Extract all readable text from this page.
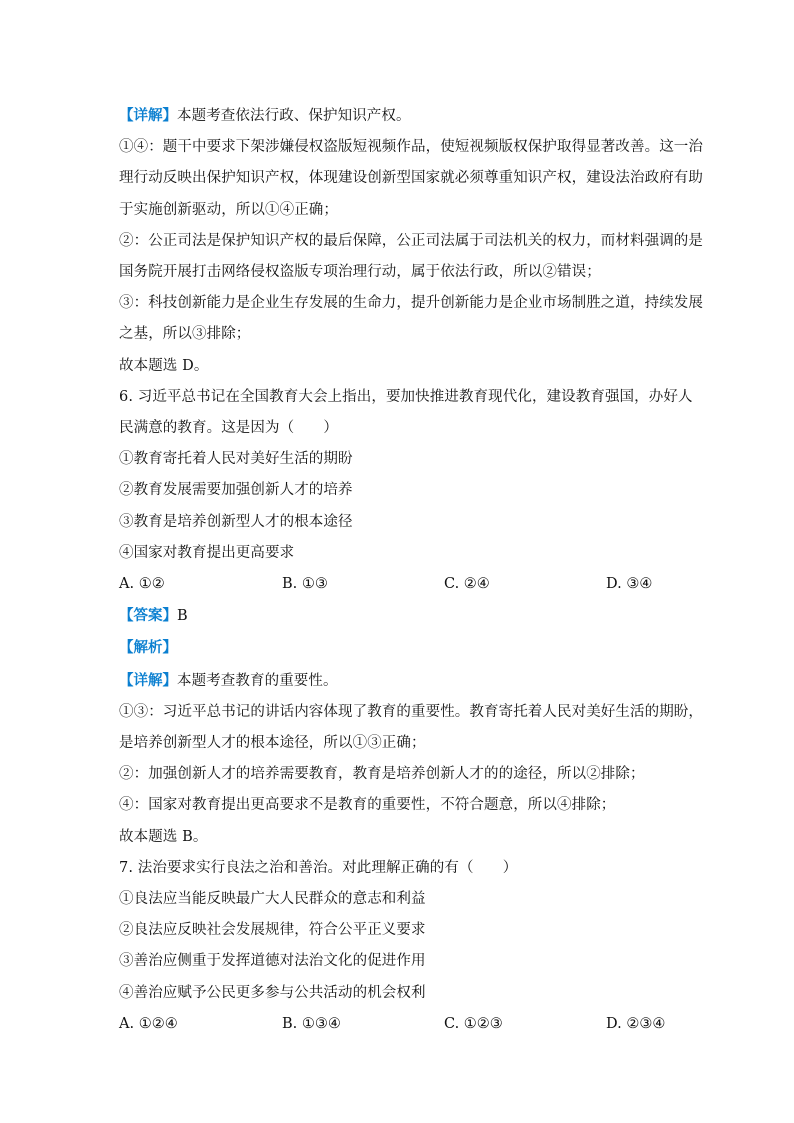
【详解】本题考查依法行政、保护知识产权。
①④：题干中要求下架涉嫌侵权盗版短视频作品，使短视频版权保护取得显著改善。这一治
理行动反映出保护知识产权，体现建设创新型国家就必须尊重知识产权，建设法治政府有助
于实施创新驱动，所以①④正确；
②：公正司法是保护知识产权的最后保障，公正司法属于司法机关的权力，而材料强调的是
国务院开展打击网络侵权盗版专项治理行动，属于依法行政，所以②错误；
③：科技创新能力是企业生存发展的生命力，提升创新能力是企业市场制胜之道，持续发展
之基，所以③排除；
故本题选 D。
6. 习近平总书记在全国教育大会上指出，要加快推进教育现代化，建设教育强国，办好人
民满意的教育。这是因为（　　）
①教育寄托着人民对美好生活的期盼
②教育发展需要加强创新人才的培养
③教育是培养创新型人才的根本途径
④国家对教育提出更高要求
A. ①②	B. ①③	C. ②④	D. ③④
【答案】B
【解析】
【详解】本题考查教育的重要性。
①③：习近平总书记的讲话内容体现了教育的重要性。教育寄托着人民对美好生活的期盼，
是培养创新型人才的根本途径，所以①③正确；
②：加强创新人才的培养需要教育，教育是培养创新人才的的途径，所以②排除；
④：国家对教育提出更高要求不是教育的重要性，不符合题意，所以④排除；
故本题选 B。
7. 法治要求实行良法之治和善治。对此理解正确的有（　　）
①良法应当能反映最广大人民群众的意志和利益
②良法应反映社会发展规律，符合公平正义要求
③善治应侧重于发挥道德对法治文化的促进作用
④善治应赋予公民更多参与公共活动的机会权利
A. ①②④	B. ①③④	C. ①②③	D. ②③④
